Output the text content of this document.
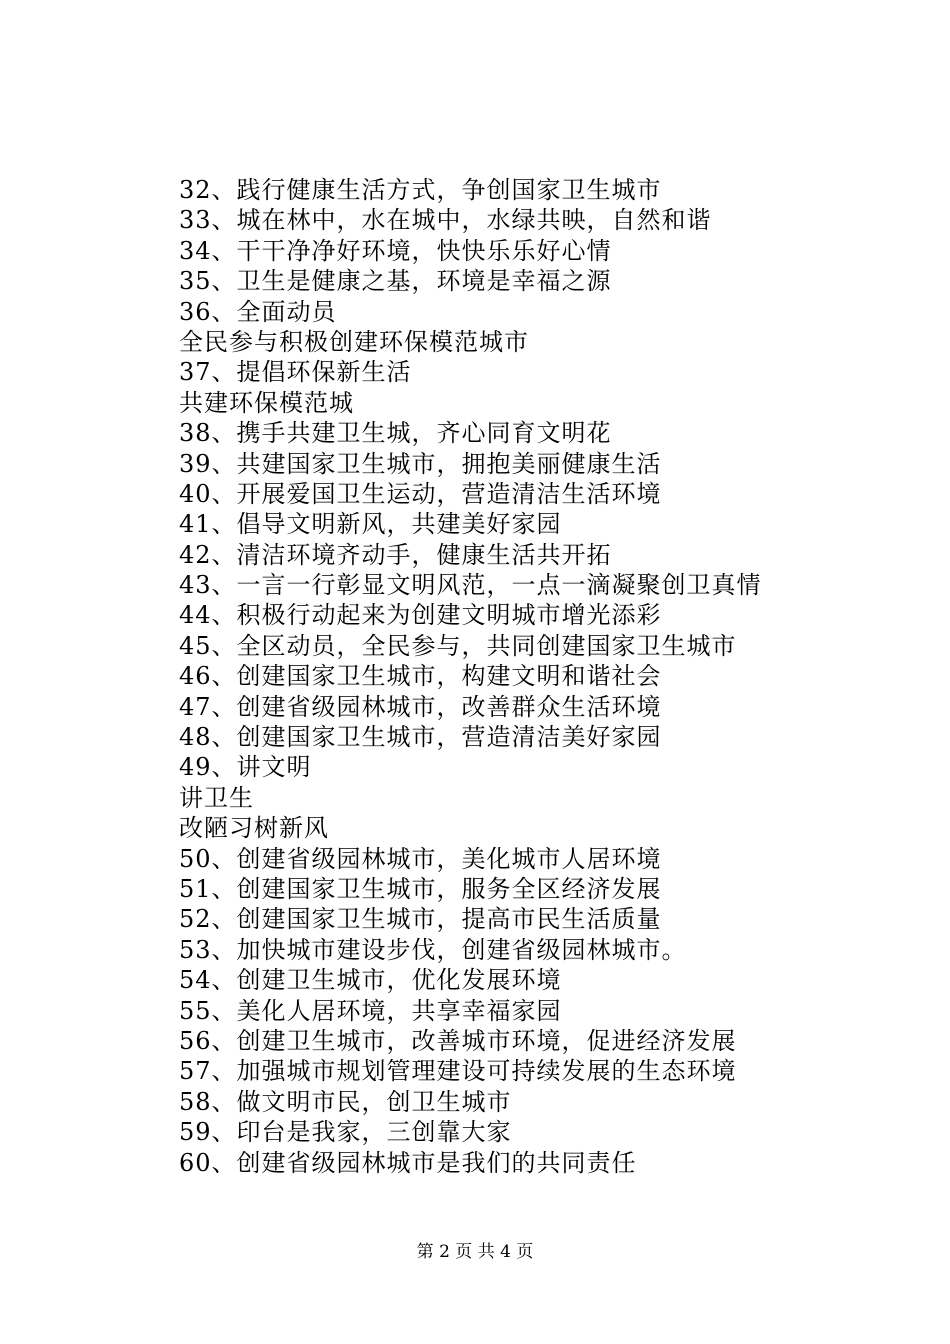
32、践行健康生活方式，争创国家卫生城市
33、城在林中，水在城中，水绿共映，自然和谐
34、干干净净好环境，快快乐乐好心情
35、卫生是健康之基，环境是幸福之源
36、全面动员
全民参与积极创建环保模范城市
37、提倡环保新生活
共建环保模范城
38、携手共建卫生城，齐心同育文明花
39、共建国家卫生城市，拥抱美丽健康生活
40、开展爱国卫生运动，营造清洁生活环境
41、倡导文明新风，共建美好家园
42、清洁环境齐动手，健康生活共开拓
43、一言一行彰显文明风范，一点一滴凝聚创卫真情
44、积极行动起来为创建文明城市增光添彩
45、全区动员，全民参与，共同创建国家卫生城市
46、创建国家卫生城市，构建文明和谐社会
47、创建省级园林城市，改善群众生活环境
48、创建国家卫生城市，营造清洁美好家园
49、讲文明
讲卫生
改陋习树新风
50、创建省级园林城市，美化城市人居环境
51、创建国家卫生城市，服务全区经济发展
52、创建国家卫生城市，提高市民生活质量
53、加快城市建设步伐，创建省级园林城市。
54、创建卫生城市，优化发展环境
55、美化人居环境，共享幸福家园
56、创建卫生城市，改善城市环境，促进经济发展
57、加强城市规划管理建设可持续发展的生态环境
58、做文明市民，创卫生城市
59、印台是我家，三创靠大家
60、创建省级园林城市是我们的共同责任
第 2 页 共 4 页
